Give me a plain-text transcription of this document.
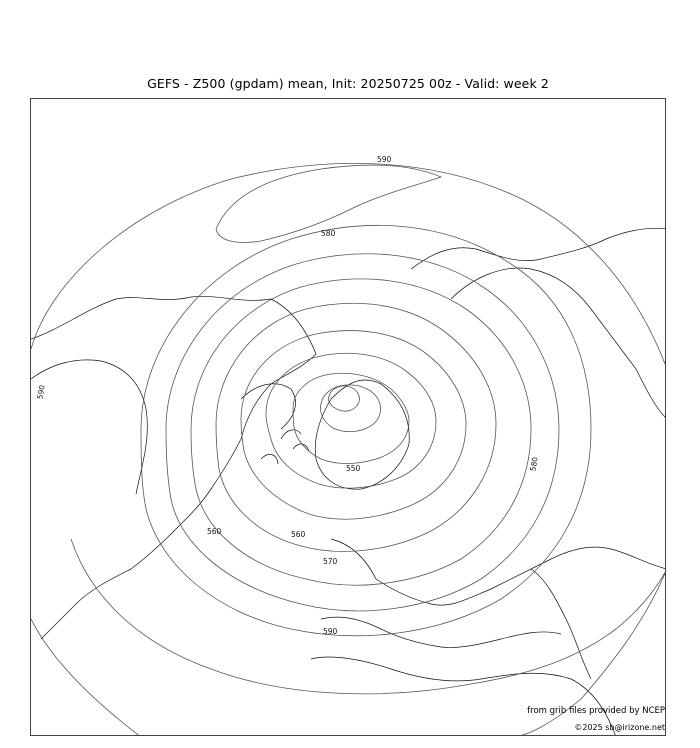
GEFS - Z500 (gpdam) mean, Init: 20250725 00z - Valid: week 2
590
580
550
560
570
560
590
590
580
from grib files provided by NCEP
©2025 sb@irizone.net
